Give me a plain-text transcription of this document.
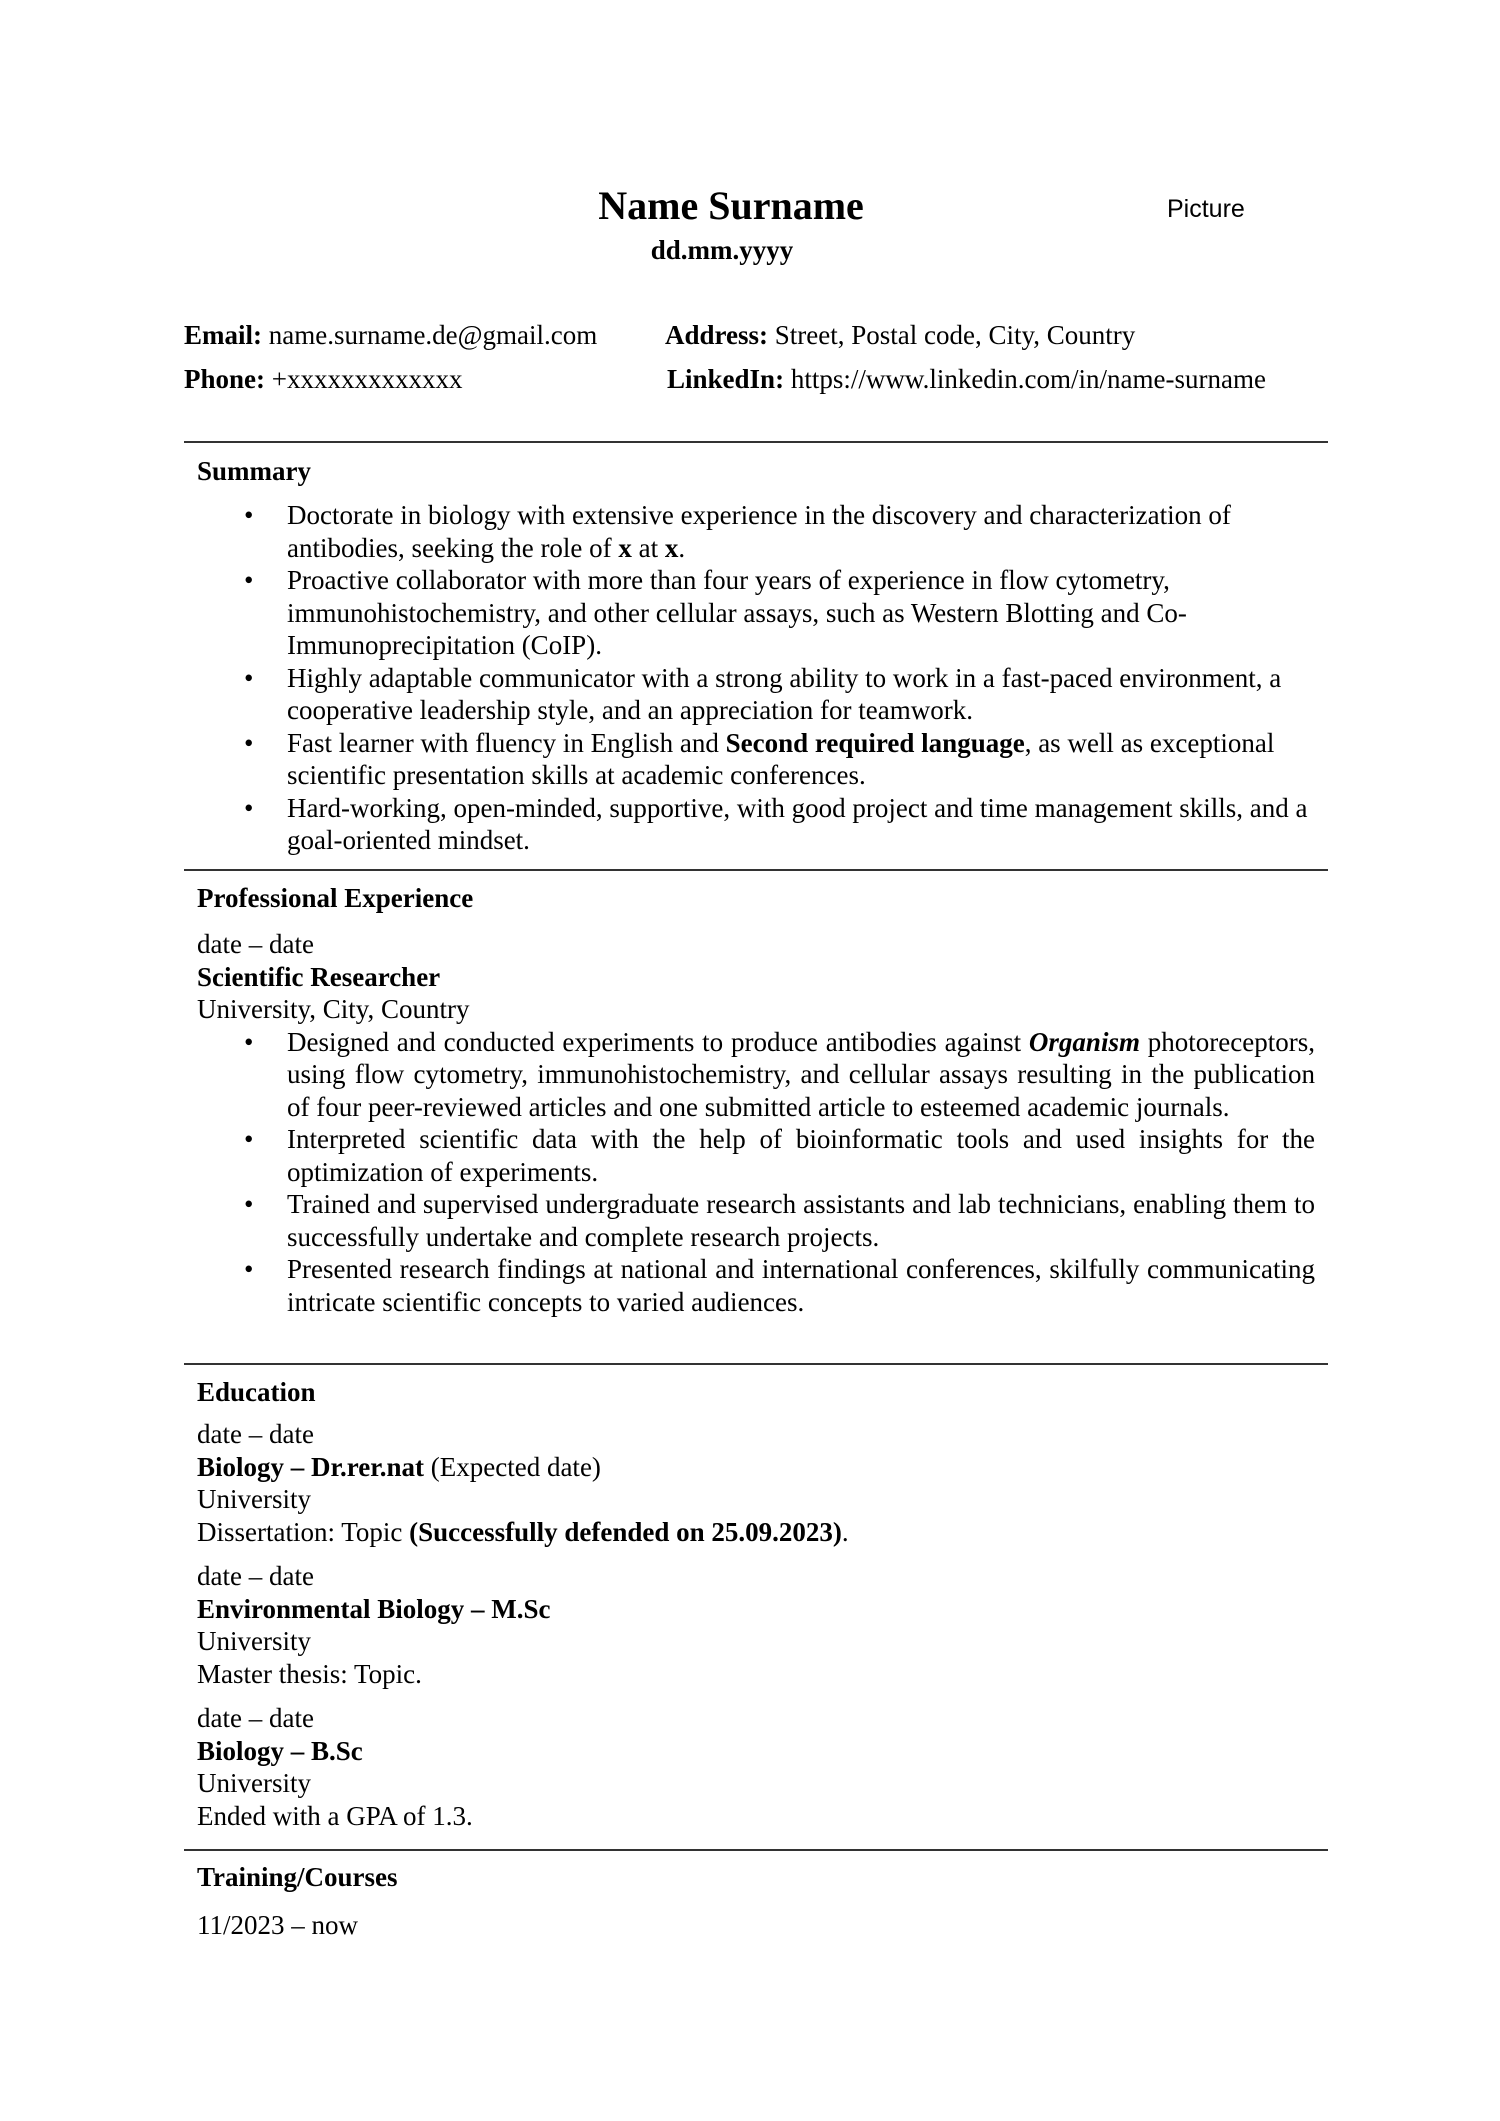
Name Surname	Picture
dd.mm.yyyy
Email: name.surname.de@gmail.com	Address: Street, Postal code, City, Country
Phone: +xxxxxxxxxxxxx	LinkedIn: https://www.linkedin.com/in/name-surname
Summary
• Doctorate in biology with extensive experience in the discovery and characterization of antibodies, seeking the role of x at x.
• Proactive collaborator with more than four years of experience in flow cytometry, immunohistochemistry, and other cellular assays, such as Western Blotting and Co-Immunoprecipitation (CoIP).
• Highly adaptable communicator with a strong ability to work in a fast-paced environment, a cooperative leadership style, and an appreciation for teamwork.
• Fast learner with fluency in English and Second required language, as well as exceptional scientific presentation skills at academic conferences.
• Hard-working, open-minded, supportive, with good project and time management skills, and a goal-oriented mindset.
Professional Experience
date – date
Scientific Researcher
University, City, Country
• Designed and conducted experiments to produce antibodies against Organism photoreceptors, using flow cytometry, immunohistochemistry, and cellular assays resulting in the publication of four peer-reviewed articles and one submitted article to esteemed academic journals.
• Interpreted scientific data with the help of bioinformatic tools and used insights for the optimization of experiments.
• Trained and supervised undergraduate research assistants and lab technicians, enabling them to successfully undertake and complete research projects.
• Presented research findings at national and international conferences, skilfully communicating intricate scientific concepts to varied audiences.
Education
date – date
Biology – Dr.rer.nat (Expected date)
University
Dissertation: Topic (Successfully defended on 25.09.2023).
date – date
Environmental Biology – M.Sc
University
Master thesis: Topic.
date – date
Biology – B.Sc
University
Ended with a GPA of 1.3.
Training/Courses
11/2023 – now
